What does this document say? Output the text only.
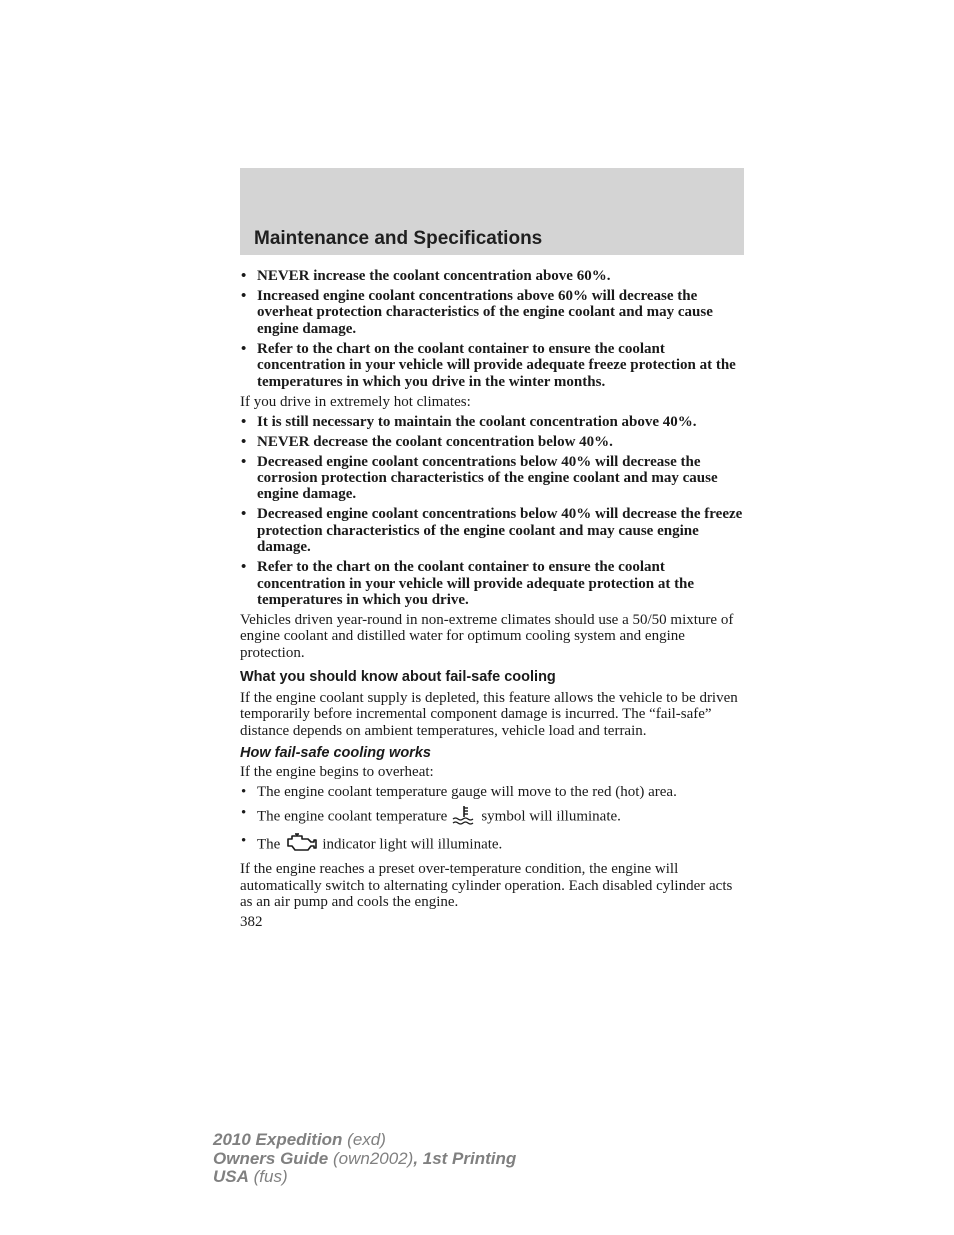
Maintenance and Specifications
• NEVER increase the coolant concentration above 60%.
• Increased engine coolant concentrations above 60% will decrease the overheat protection characteristics of the engine coolant and may cause engine damage.
• Refer to the chart on the coolant container to ensure the coolant concentration in your vehicle will provide adequate freeze protection at the temperatures in which you drive in the winter months.

If you drive in extremely hot climates:

• It is still necessary to maintain the coolant concentration above 40%.
• NEVER decrease the coolant concentration below 40%.
• Decreased engine coolant concentrations below 40% will decrease the corrosion protection characteristics of the engine coolant and may cause engine damage.
• Decreased engine coolant concentrations below 40% will decrease the freeze protection characteristics of the engine coolant and may cause engine damage.
• Refer to the chart on the coolant container to ensure the coolant concentration in your vehicle will provide adequate protection at the temperatures in which you drive.

Vehicles driven year-round in non-extreme climates should use a 50/50 mixture of engine coolant and distilled water for optimum cooling system and engine protection.

What you should know about fail-safe cooling

If the engine coolant supply is depleted, this feature allows the vehicle to be driven temporarily before incremental component damage is incurred. The “fail-safe” distance depends on ambient temperatures, vehicle load and terrain.

How fail-safe cooling works

If the engine begins to overheat:

• The engine coolant temperature gauge will move to the red (hot) area.
• The engine coolant temperature symbol will illuminate.
• The	indicator light will illuminate.

If the engine reaches a preset over-temperature condition, the engine will automatically switch to alternating cylinder operation. Each disabled cylinder acts as an air pump and cools the engine.

382
2010 Expedition (exd)
Owners Guide (own2002), 1st Printing
USA (fus)
